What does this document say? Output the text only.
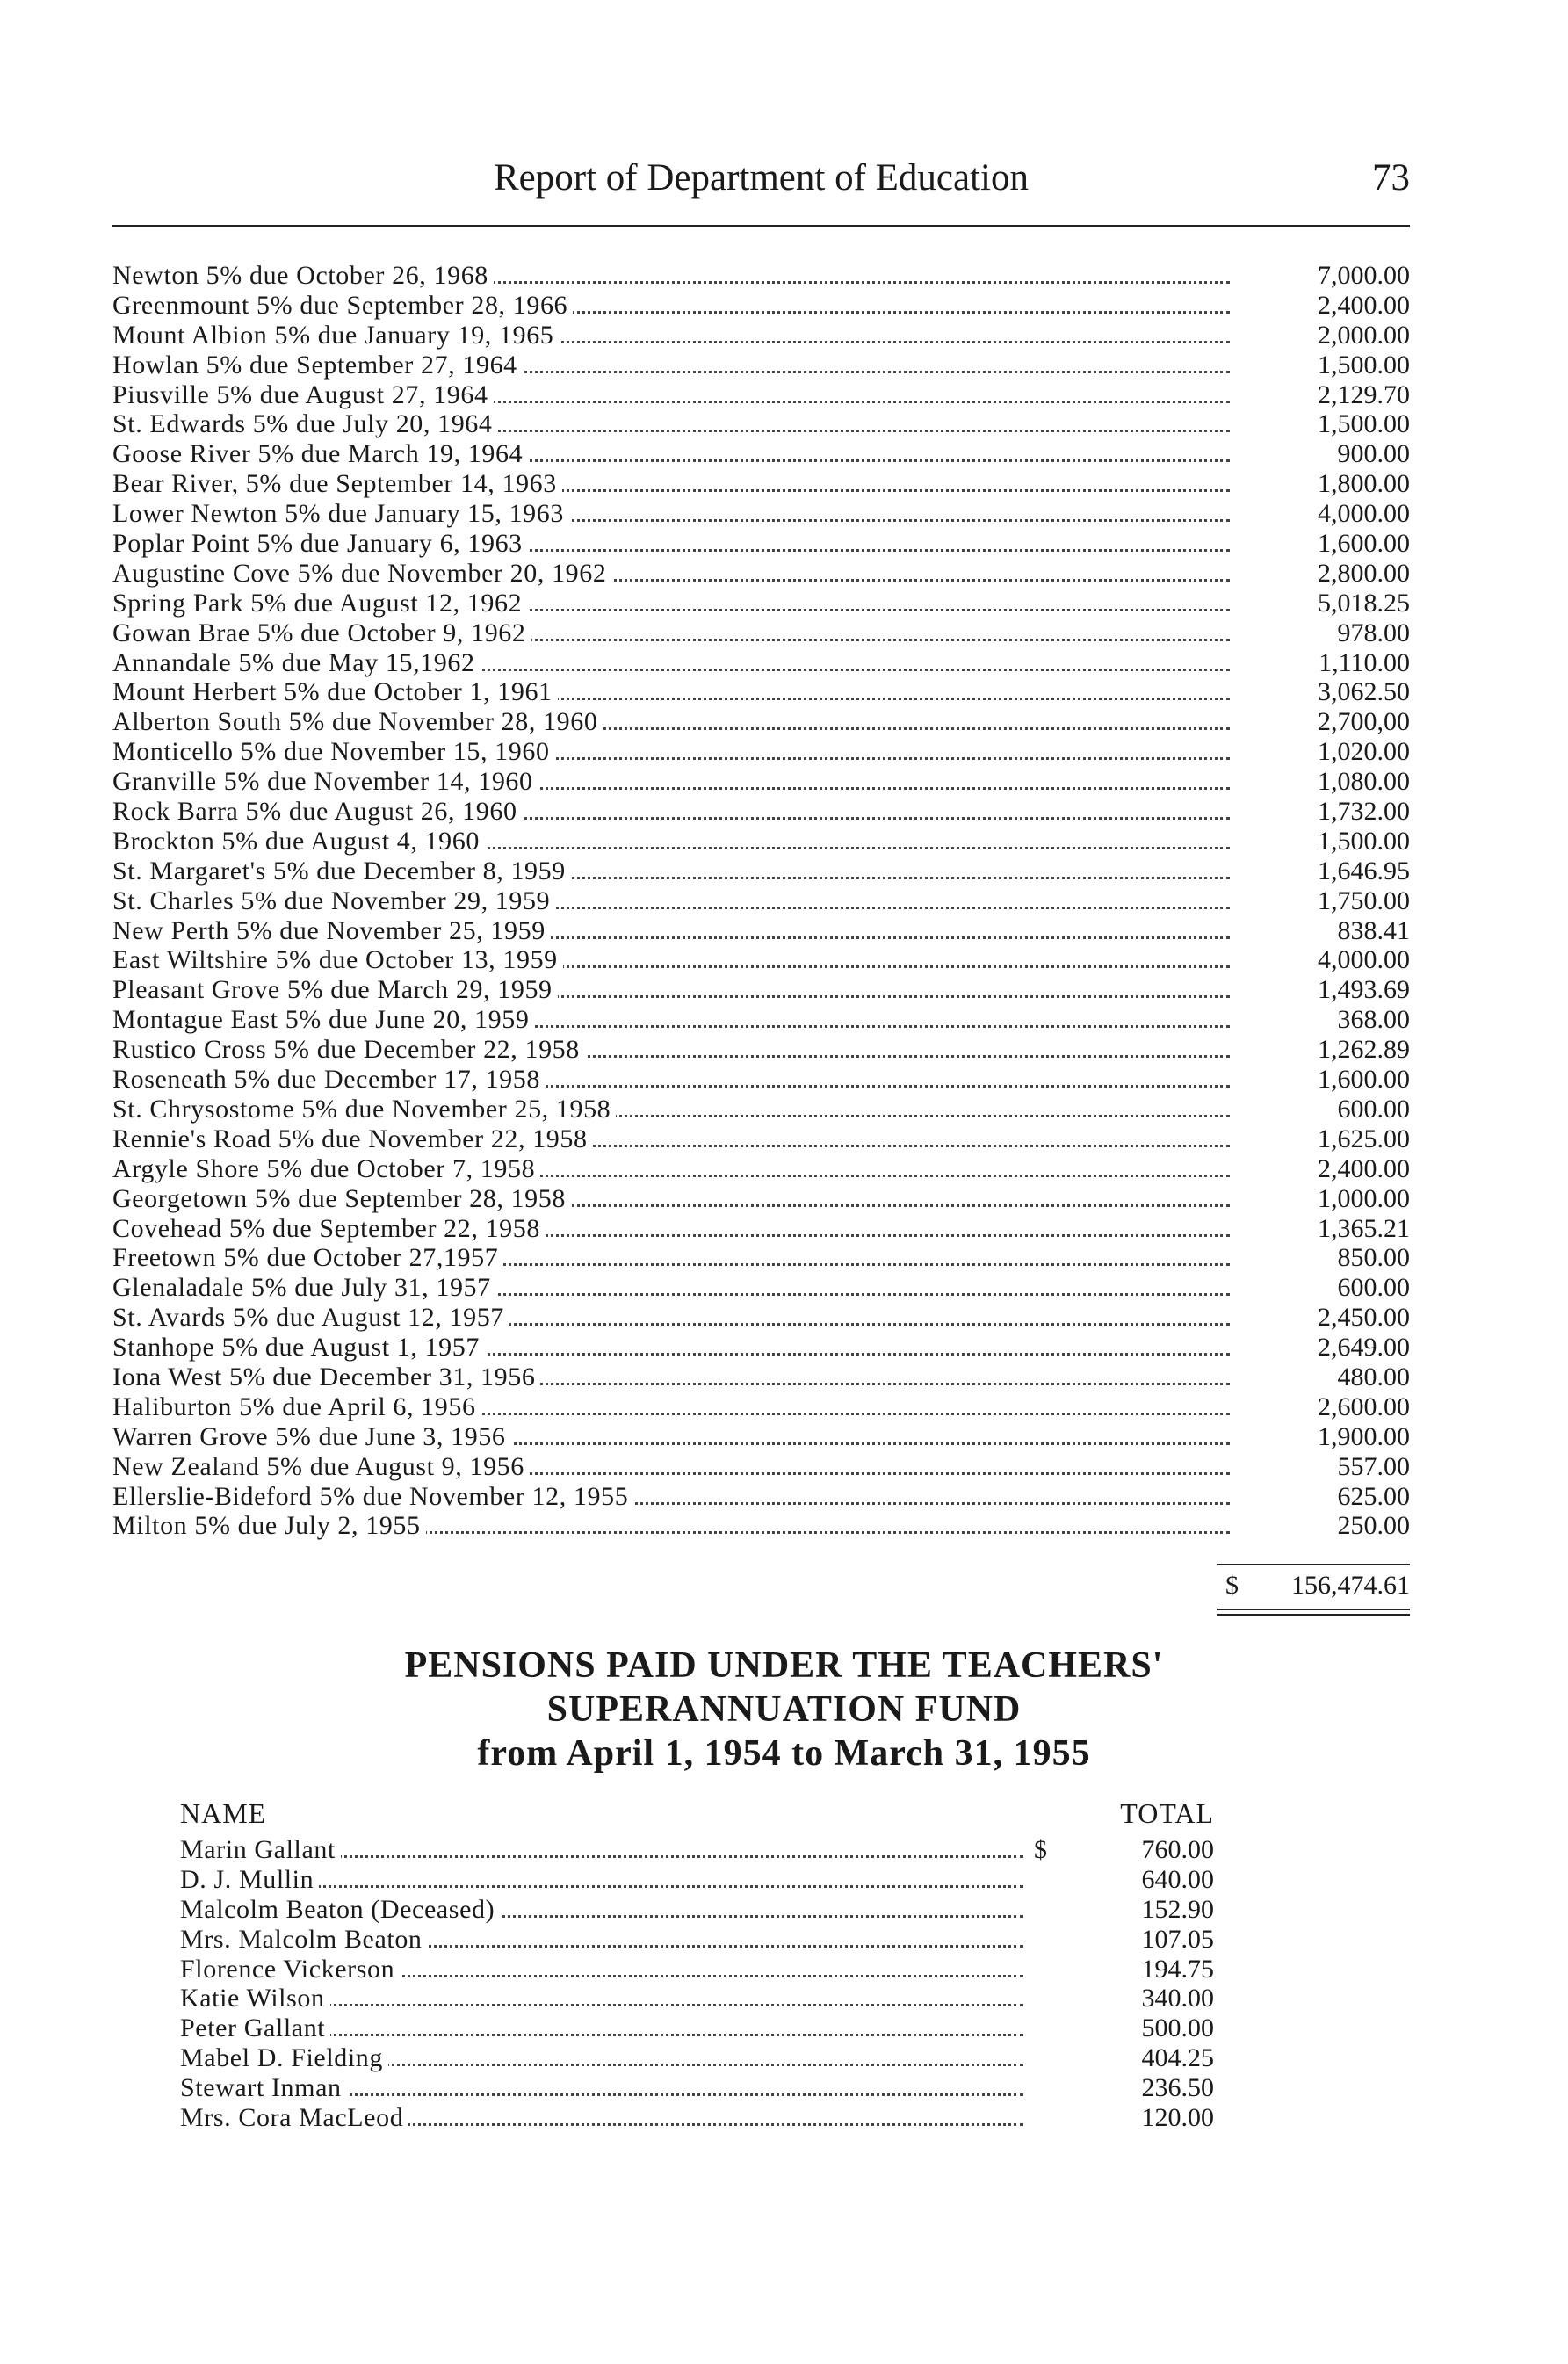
Report of Department of Education	73
Newton 5% due October 26, 1968	7,000.00
Greenmount 5% due September 28, 1966	2,400.00
Mount Albion 5% due January 19, 1965	2,000.00
Howlan 5% due September 27, 1964	1,500.00
Piusville 5% due August 27, 1964	2,129.70
St. Edwards 5% due July 20, 1964	1,500.00
Goose River 5% due March 19, 1964	900.00
Bear River, 5% due September 14, 1963	1,800.00
Lower Newton 5% due January 15, 1963	4,000.00
Poplar Point 5% due January 6, 1963	1,600.00
Augustine Cove 5% due November 20, 1962	2,800.00
Spring Park 5% due August 12, 1962	5,018.25
Gowan Brae 5% due October 9, 1962	978.00
Annandale 5% due May 15,1962	1,110.00
Mount Herbert 5% due October 1, 1961	3,062.50
Alberton South 5% due November 28, 1960	2,700,00
Monticello 5% due November 15, 1960	1,020.00
Granville 5% due November 14, 1960	1,080.00
Rock Barra 5% due August 26, 1960	1,732.00
Brockton 5% due August 4, 1960	1,500.00
St. Margaret's 5% due December 8, 1959	1,646.95
St. Charles 5% due November 29, 1959	1,750.00
New Perth 5% due November 25, 1959	838.41
East Wiltshire 5% due October 13, 1959	4,000.00
Pleasant Grove 5% due March 29, 1959	1,493.69
Montague East 5% due June 20, 1959	368.00
Rustico Cross 5% due December 22, 1958	1,262.89
Roseneath 5% due December 17, 1958	1,600.00
St. Chrysostome 5% due November 25, 1958	600.00
Rennie's Road 5% due November 22, 1958	1,625.00
Argyle Shore 5% due October 7, 1958	2,400.00
Georgetown 5% due September 28, 1958	1,000.00
Covehead 5% due September 22, 1958	1,365.21
Freetown 5% due October 27,1957	850.00
Glenaladale 5% due July 31, 1957	600.00
St. Avards 5% due August 12, 1957	2,450.00
Stanhope 5% due August 1, 1957	2,649.00
Iona West 5% due December 31, 1956	480.00
Haliburton 5% due April 6, 1956	2,600.00
Warren Grove 5% due June 3, 1956	1,900.00
New Zealand 5% due August 9, 1956	557.00
Ellerslie-Bideford 5% due November 12, 1955	625.00
Milton 5% due July 2, 1955	250.00
$ 156,474.61
PENSIONS PAID UNDER THE TEACHERS'
SUPERANNUATION FUND
from April 1, 1954 to March 31, 1955
NAME	TOTAL
Marin Gallant	$	760.00
D. J. Mullin	640.00
Malcolm Beaton (Deceased)	152.90
Mrs. Malcolm Beaton	107.05
Florence Vickerson	194.75
Katie Wilson	340.00
Peter Gallant	500.00
Mabel D. Fielding	404.25
Stewart Inman	236.50
Mrs. Cora MacLeod	120.00
